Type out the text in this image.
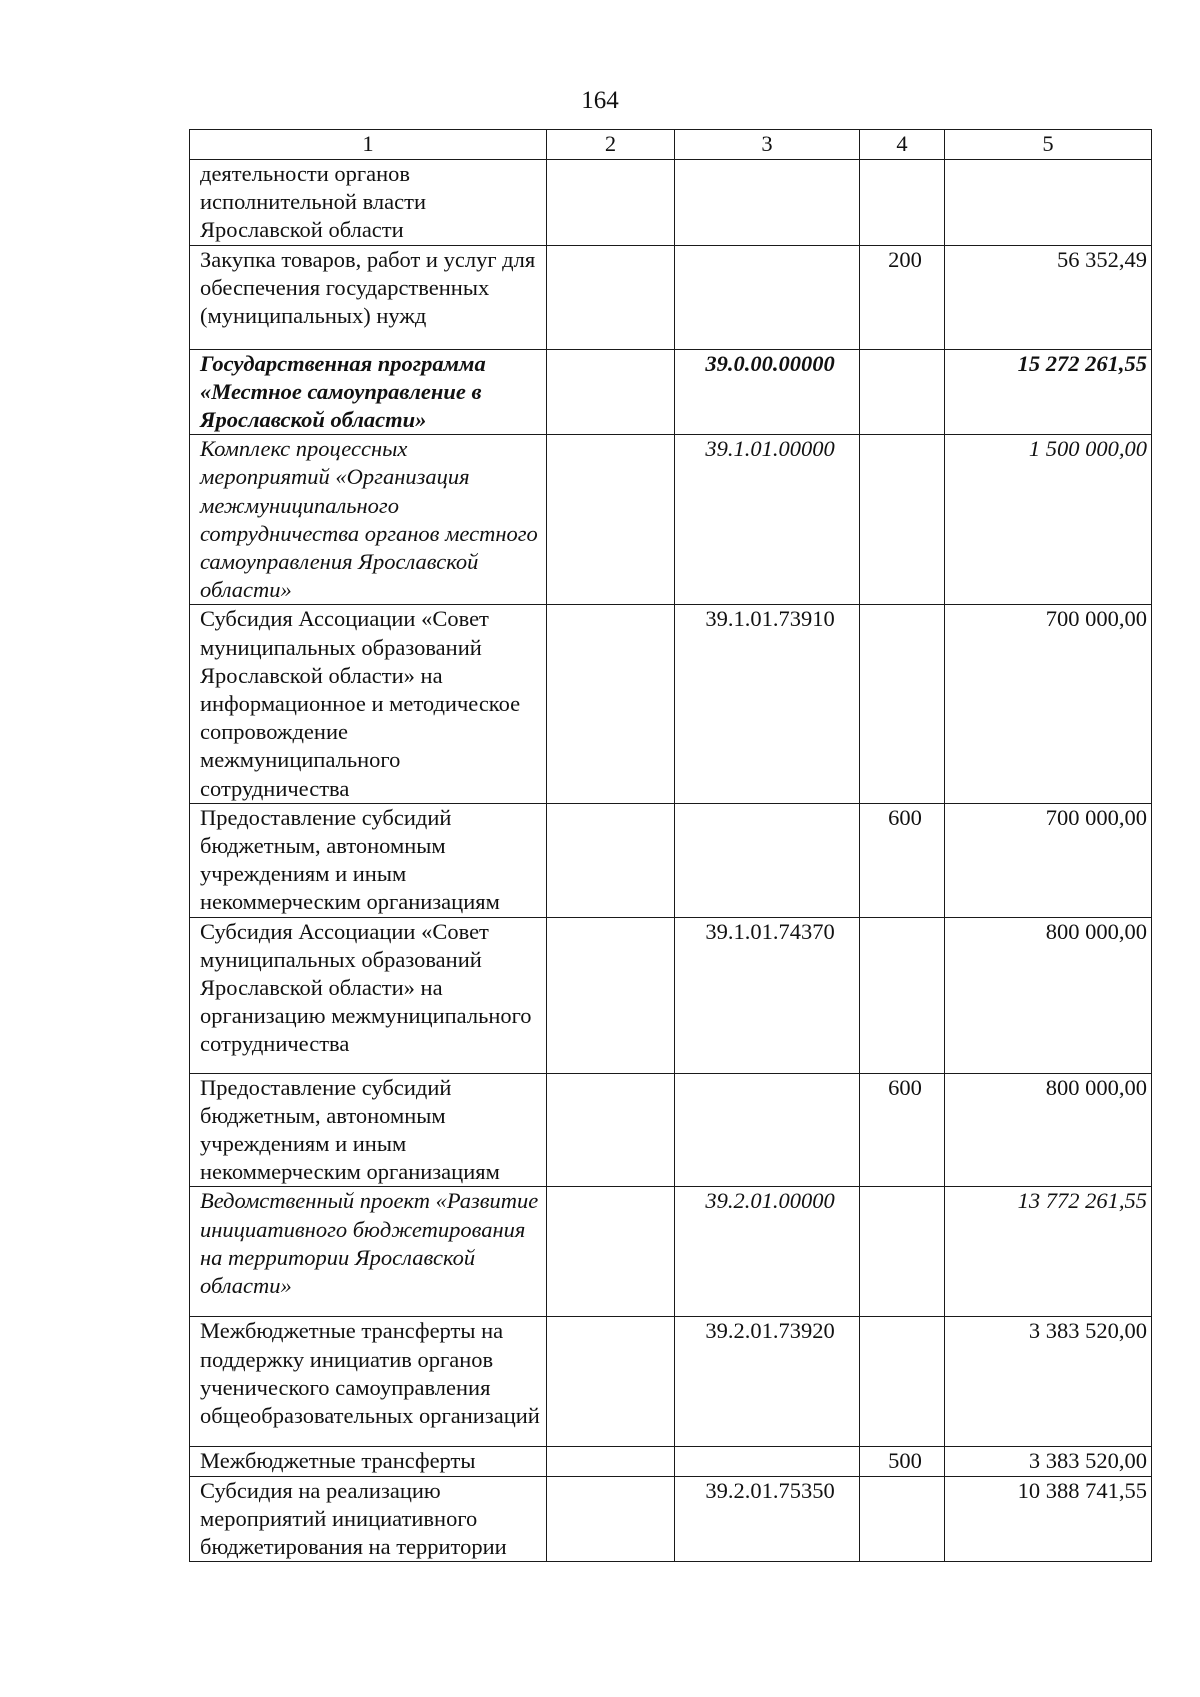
164
1	2	3	4	5
деятельности органов исполнительной власти Ярославской области				
Закупка товаров, работ и услуг для обеспечения государственных (муниципальных) нужд			200	56 352,49
Государственная программа «Местное самоуправление в Ярославской области»		39.0.00.00000		15 272 261,55
Комплекс процессных мероприятий «Организация межмуниципального сотрудничества органов местного самоуправления Ярославской области»		39.1.01.00000		1 500 000,00
Субсидия Ассоциации «Совет муниципальных образований Ярославской области» на информационное и методическое сопровождение межмуниципального сотрудничества		39.1.01.73910		700 000,00
Предоставление субсидий бюджетным, автономным учреждениям и иным некоммерческим организациям			600	700 000,00
Субсидия Ассоциации «Совет муниципальных образований Ярославской области» на организацию межмуниципального сотрудничества		39.1.01.74370		800 000,00
Предоставление субсидий бюджетным, автономным учреждениям и иным некоммерческим организациям			600	800 000,00
Ведомственный проект «Развитие инициативного бюджетирования на территории Ярославской области»		39.2.01.00000		13 772 261,55
Межбюджетные трансферты на поддержку инициатив органов ученического самоуправления общеобразовательных организаций		39.2.01.73920		3 383 520,00
Межбюджетные трансферты			500	3 383 520,00
Субсидия на реализацию мероприятий инициативного бюджетирования на территории		39.2.01.75350		10 388 741,55
